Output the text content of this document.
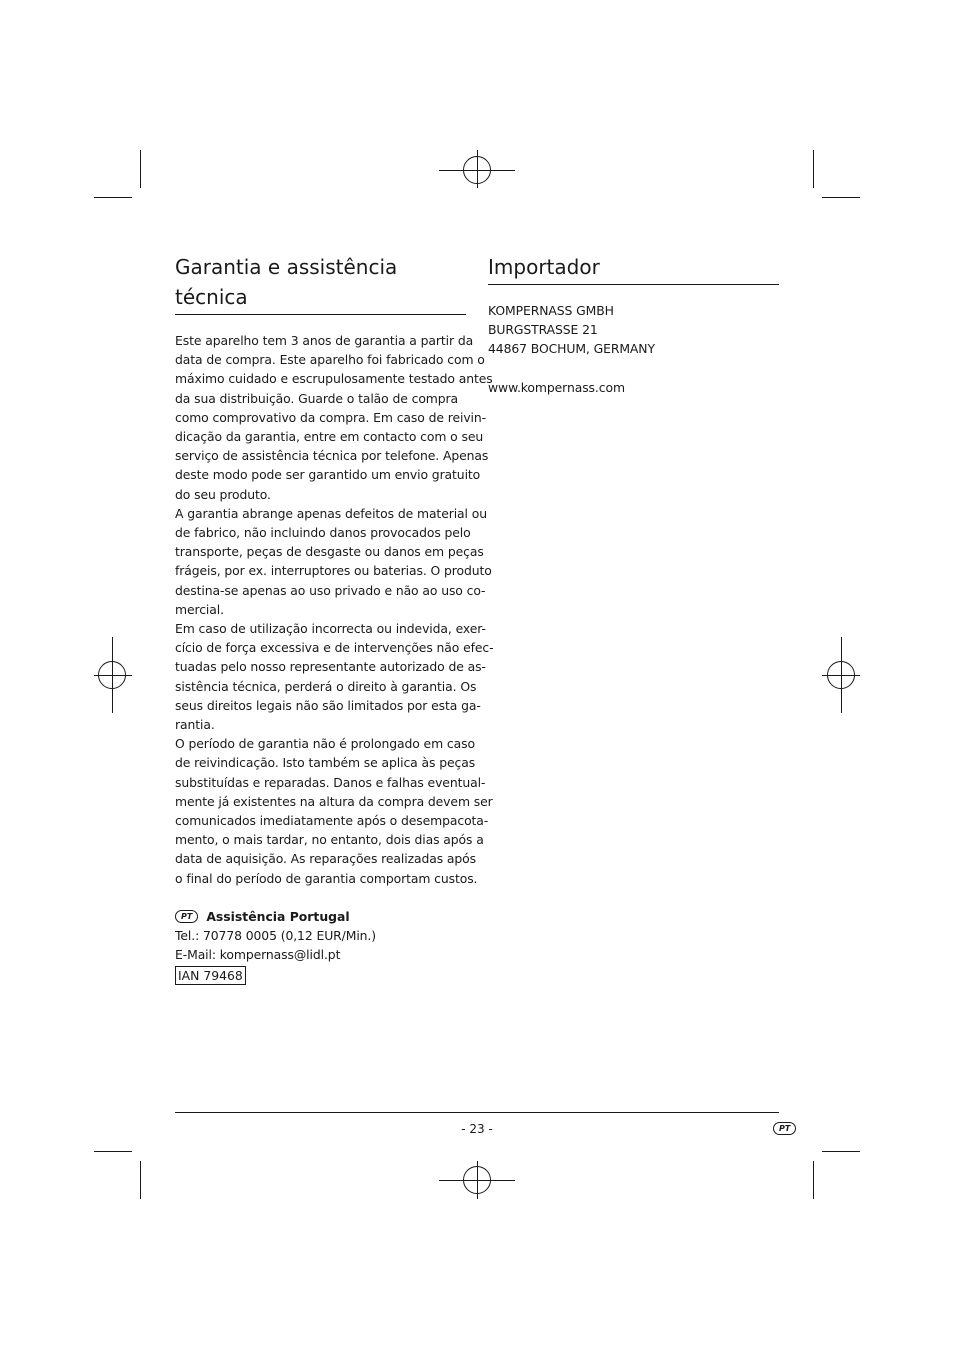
Garantia e assistência técnica
Este aparelho tem 3 anos de garantia a partir da
data de compra. Este aparelho foi fabricado com o
máximo cuidado e escrupulosamente testado antes
da sua distribuição. Guarde o talão de compra
como comprovativo da compra. Em caso de reivin-
dicação da garantia, entre em contacto com o seu
serviço de assistência técnica por telefone. Apenas
deste modo pode ser garantido um envio gratuito
do seu produto.
A garantia abrange apenas defeitos de material ou
de fabrico, não incluindo danos provocados pelo
transporte, peças de desgaste ou danos em peças
frágeis, por ex. interruptores ou baterias. O produto
destina-se apenas ao uso privado e não ao uso co-
mercial.
Em caso de utilização incorrecta ou indevida, exer-
cício de força excessiva e de intervenções não efec-
tuadas pelo nosso representante autorizado de as-
sistência técnica, perderá o direito à garantia. Os
seus direitos legais não são limitados por esta ga-
rantia.
O período de garantia não é prolongado em caso
de reivindicação. Isto também se aplica às peças
substituídas e reparadas. Danos e falhas eventual-
mente já existentes na altura da compra devem ser
comunicados imediatamente após o desempacota-
mento, o mais tardar, no entanto, dois dias após a
data de aquisição. As reparações realizadas após
o final do período de garantia comportam custos.
PT	Assistência Portugal
Tel.: 70778 0005 (0,12 EUR/Min.)
E-Mail: kompernass@lidl.pt
IAN 79468
Importador
KOMPERNASS GMBH
BURGSTRASSE 21
44867 BOCHUM, GERMANY
www.kompernass.com
- 23 -	PT
